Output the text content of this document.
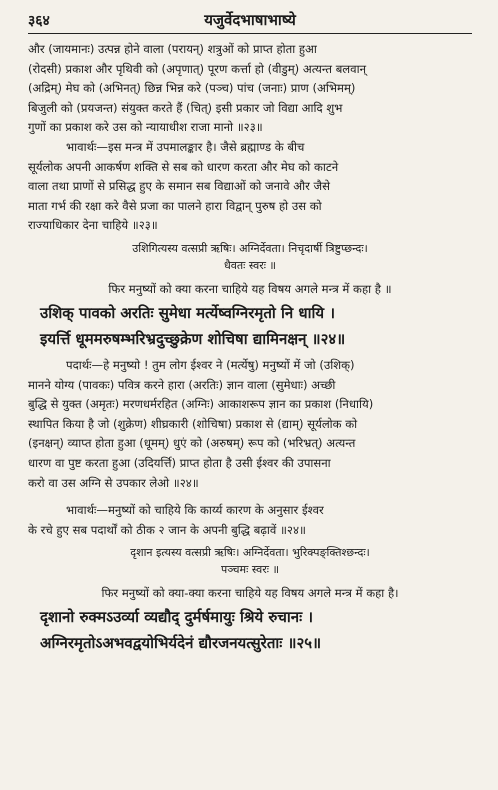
३६४	यजुर्वेदभाषाभाष्ये
और (जायमानः) उत्पन्न होने वाला (परायन्) शत्रुओं को प्राप्त होता हुआ
(रोदसी) प्रकाश और पृथिवी को (अपृणात्) पूरण कर्त्ता हो (वीडुम्) अत्यन्त बलवान्
(अद्रिम्) मेघ को (अभिनत्) छिन्न भिन्न करे (पञ्च) पांच (जनाः) प्राण (अभिमम्)
बिजुली को (प्रयजन्त) संयुक्त करते हैं (चित्) इसी प्रकार जो विद्या आदि शुभ
गुणों का प्रकाश करे उस को न्यायाधीश राजा मानो ॥२३॥
भावार्थः—इस मन्त्र में उपमालङ्कार है। जैसे ब्रह्माण्ड के बीच
सूर्यलोक अपनी आकर्षण शक्ति से सब को धारण करता और मेघ को काटने
वाला तथा प्राणों से प्रसिद्ध हुए के समान सब विद्याओं को जनावे और जैसे
माता गर्भ की रक्षा करे वैसे प्रजा का पालने हारा विद्वान् पुरुष हो उस को
राज्याधिकार देना चाहिये ॥२३॥
उशिगित्यस्य वत्सप्री ऋषिः। अग्निर्देवता। निचृदार्षी त्रिष्टुप्छन्दः।
धैवतः स्वरः ॥
फिर मनुष्यों को क्या करना चाहिये यह विषय अगले मन्त्र में कहा है ॥
उशिक् पावको अरतिः सुमेधा मर्त्येष्वग्निरमृतो नि धायि ।
इयर्त्ति धूममरुषम्भरिभ्रदुच्छुक्रेण शोचिषा द्यामिनक्षन् ॥२४॥
पदार्थः—हे मनुष्यो ! तुम लोग ईश्वर ने (मर्त्येषु) मनुष्यों में जो (उशिक्)
मानने योग्य (पावकः) पवित्र करने हारा (अरतिः) ज्ञान वाला (सुमेधाः) अच्छी
बुद्धि से युक्त (अमृतः) मरणधर्मरहित (अग्निः) आकाशरूप ज्ञान का प्रकाश (निधायि)
स्थापित किया है जो (शुक्रेण) शीघ्रकारी (शोचिषा) प्रकाश से (द्याम्) सूर्यलोक को
(इनक्षन्) व्याप्त होता हुआ (धूमम्) धुएं को (अरुषम्) रूप को (भरिभ्रत्) अत्यन्त
धारण वा पुष्ट करता हुआ (उदियर्त्ति) प्राप्त होता है उसी ईश्वर की उपासना
करो वा उस अग्नि से उपकार लेओ ॥२४॥
भावार्थः—मनुष्यों को चाहिये कि कार्य्य कारण के अनुसार ईश्वर
के रचे हुए सब पदार्थों को ठीक २ जान के अपनी बुद्धि बढ़ावें ॥२४॥
दृशान इत्यस्य वत्सप्री ऋषिः। अग्निर्देवता। भुरिक्पङ्क्तिश्छन्दः।
पञ्चमः स्वरः ॥
फिर मनुष्यों को क्या-क्या करना चाहिये यह विषय अगले मन्त्र में कहा है।
दृशानो रुक्मऽउर्व्या व्यद्यौद् दुर्मर्षमायुः श्रिये रुचानः ।
अग्निरमृतोऽअभवद्वयोभिर्यदेनं द्यौरजनयत्सुरेताः ॥२५॥
